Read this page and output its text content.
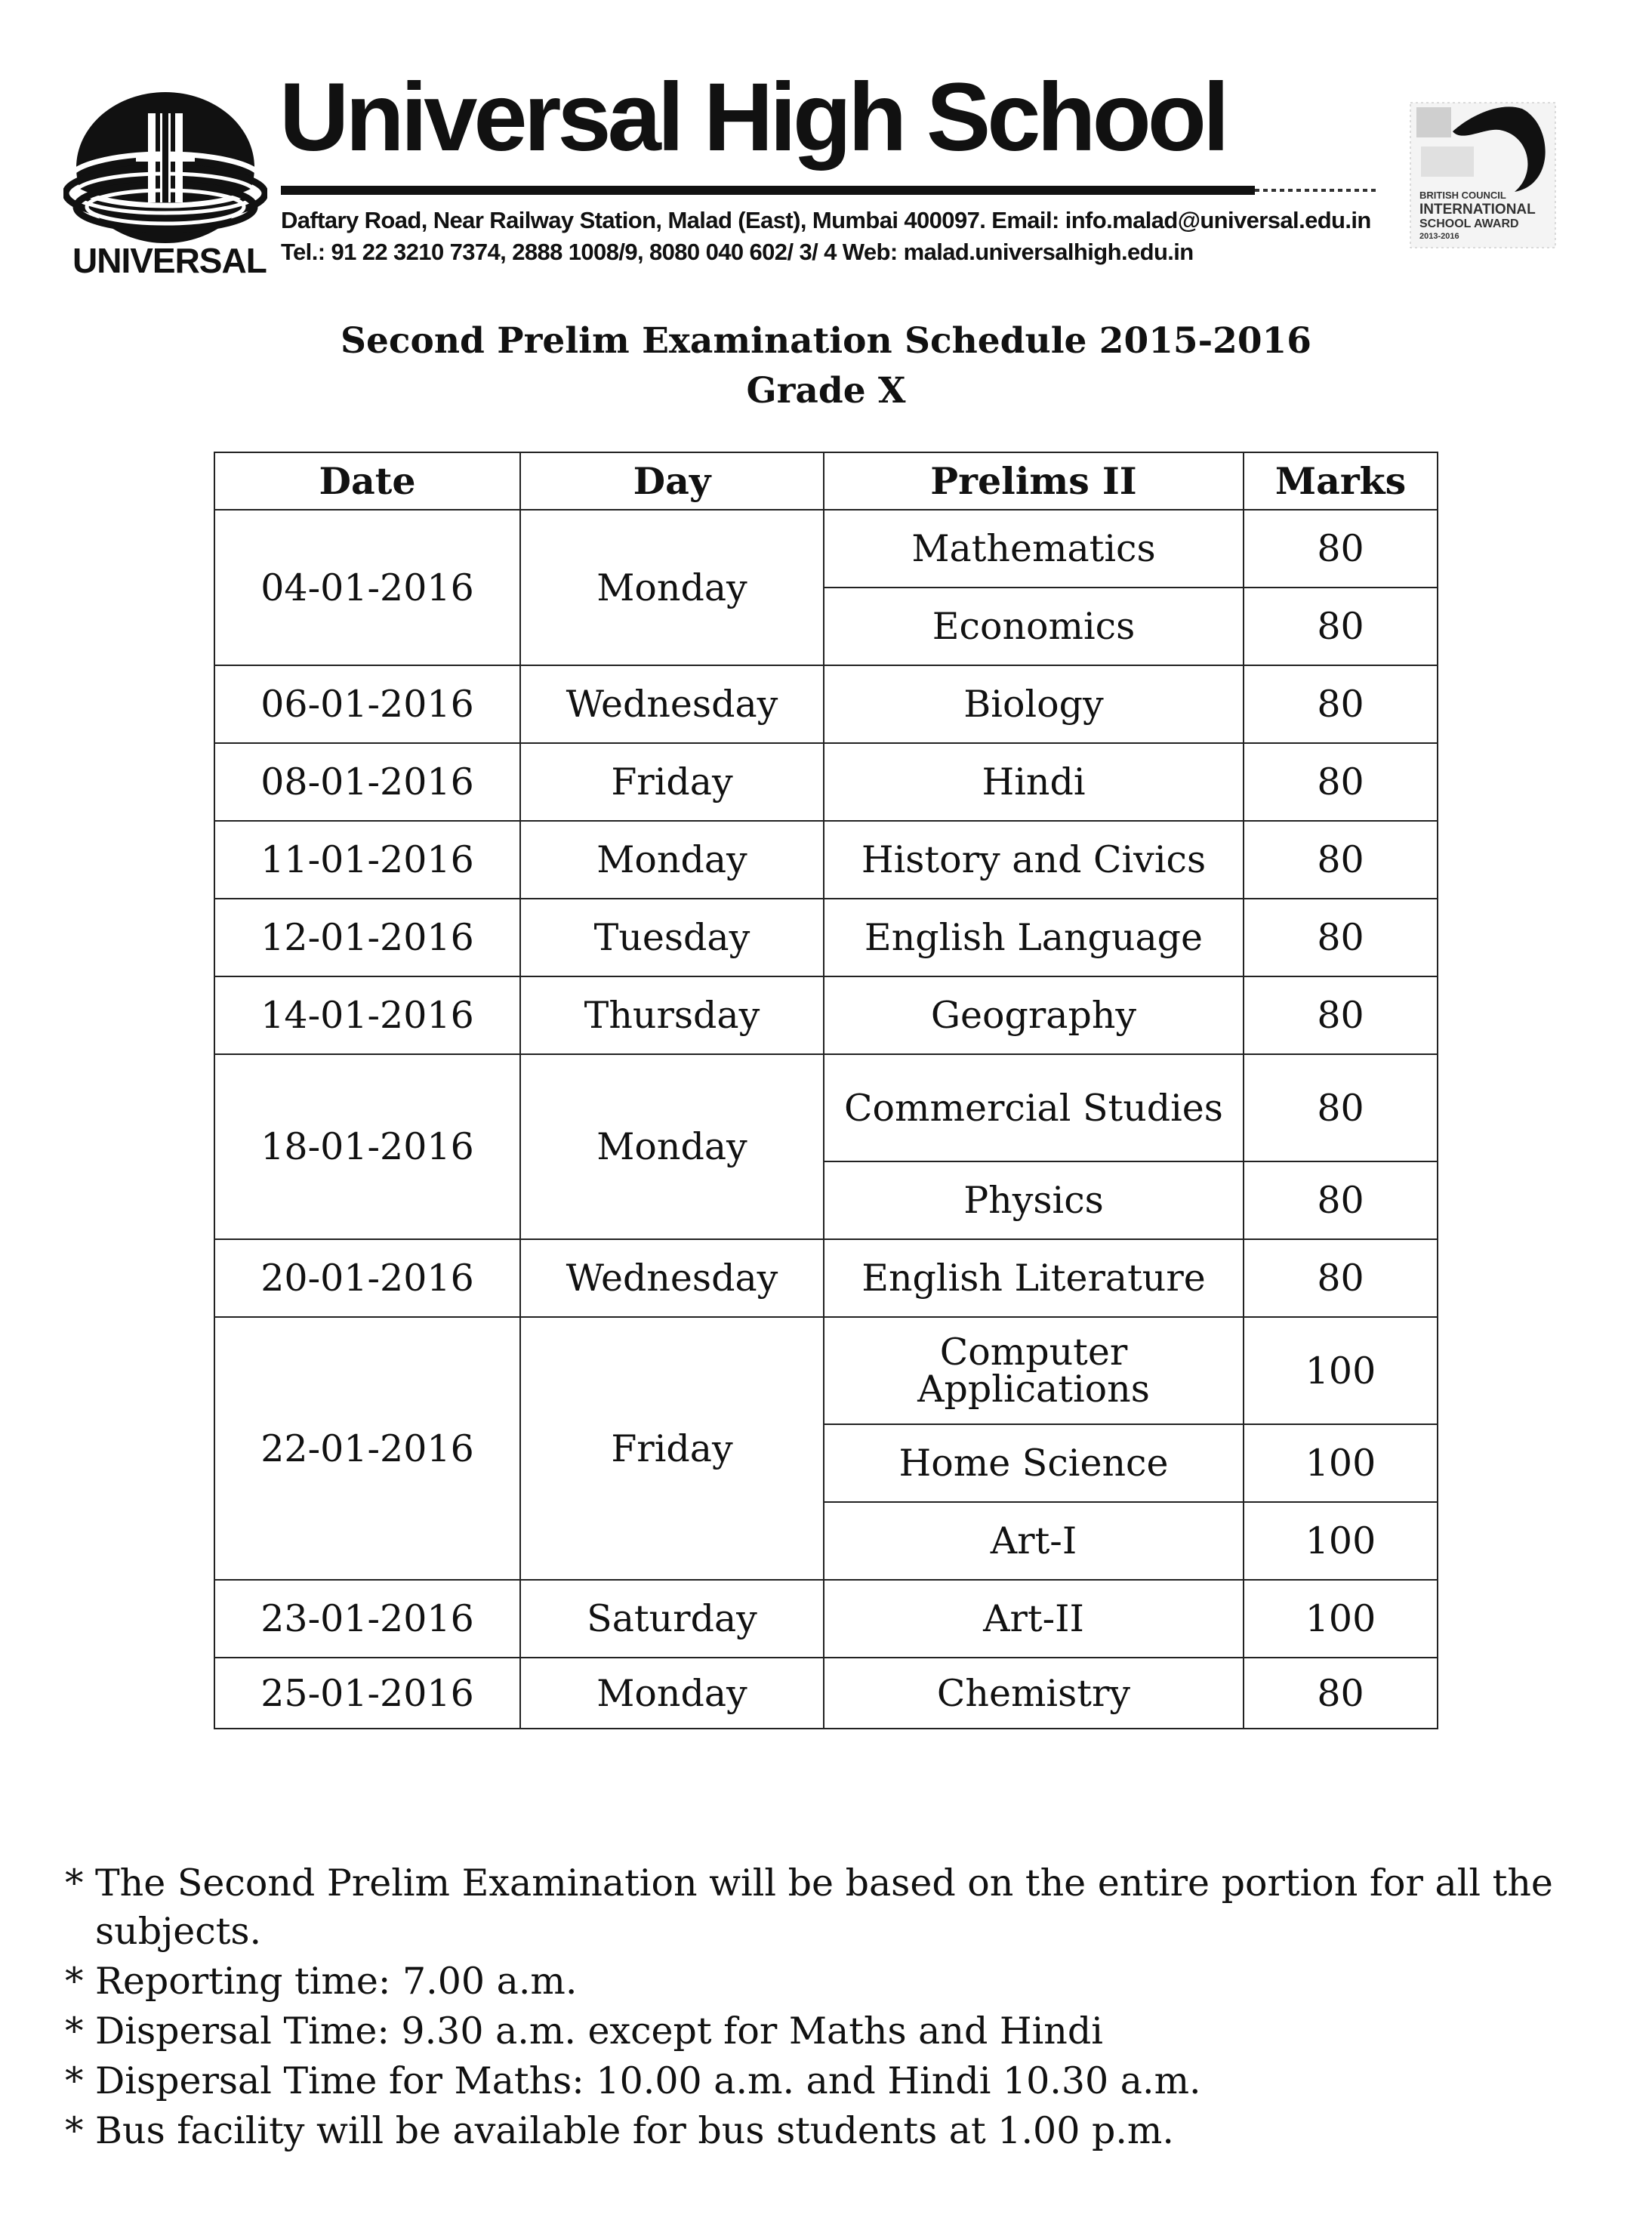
UNIVERSAL
Universal High School
Daftary Road, Near Railway Station, Malad (East), Mumbai 400097. Email: info.malad@universal.edu.in
Tel.: 91 22 3210 7374, 2888 1008/9, 8080 040 602/ 3/ 4 Web: malad.universalhigh.edu.in
BRITISH COUNCIL
INTERNATIONAL
SCHOOL AWARD
2013-2016
Second Prelim Examination Schedule 2015-2016
Grade X
Date	Day	Prelims II	Marks
04-01-2016	Monday	Mathematics	80
		Economics	80
06-01-2016	Wednesday	Biology	80
08-01-2016	Friday	Hindi	80
11-01-2016	Monday	History and Civics	80
12-01-2016	Tuesday	English Language	80
14-01-2016	Thursday	Geography	80
18-01-2016	Monday	Commercial Studies	80
		Physics	80
20-01-2016	Wednesday	English Literature	80
22-01-2016	Friday	Computer Applications	100
		Home Science	100
		Art-I	100
23-01-2016	Saturday	Art-II	100
25-01-2016	Monday	Chemistry	80
* The Second Prelim Examination will be based on the entire portion for all the subjects.
* Reporting time: 7.00 a.m.
* Dispersal Time: 9.30 a.m. except for Maths and Hindi
* Dispersal Time for Maths: 10.00 a.m. and Hindi 10.30 a.m.
* Bus facility will be available for bus students at 1.00 p.m.
